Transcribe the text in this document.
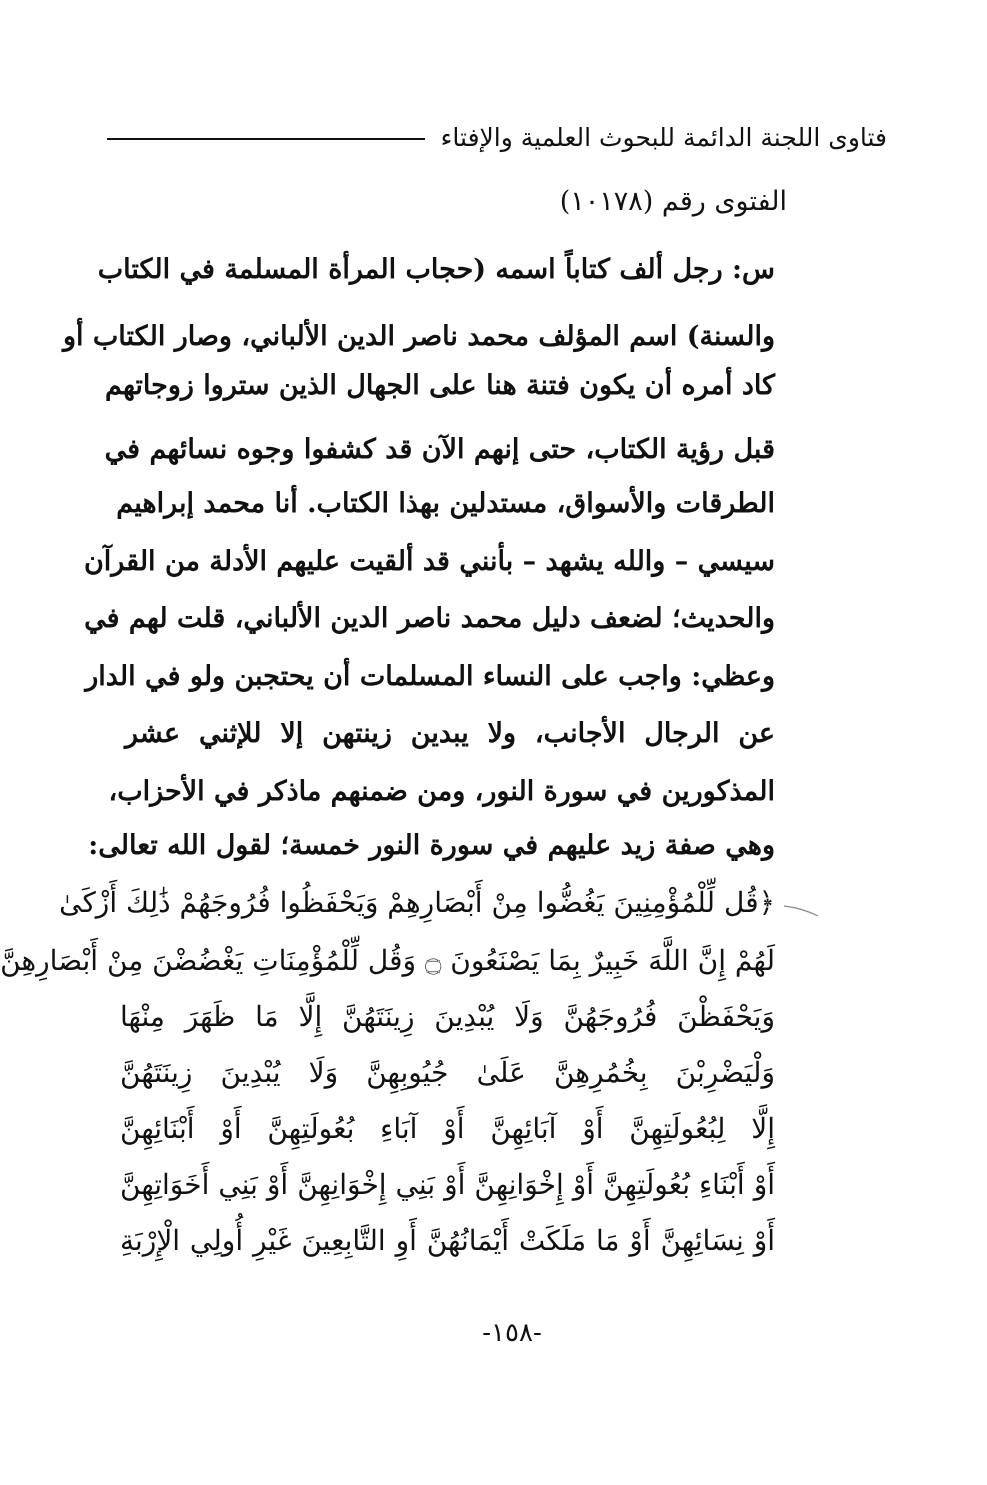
فتاوى اللجنة الدائمة للبحوث العلمية والإفتاء
الفتوى رقم (١٠١٧٨)
س: رجل ألف كتاباً اسمه (حجاب المرأة المسلمة في الكتاب
والسنة) اسم المؤلف محمد ناصر الدين الألباني، وصار الكتاب أو
كاد أمره أن يكون فتنة هنا على الجهال الذين ستروا زوجاتهم
قبل رؤية الكتاب، حتى إنهم الآن قد كشفوا وجوه نسائهم في
الطرقات والأسواق، مستدلين بهذا الكتاب. أنا محمد إبراهيم
سيسي – والله يشهد – بأنني قد ألقيت عليهم الأدلة من القرآن
والحديث؛ لضعف دليل محمد ناصر الدين الألباني، قلت لهم في
وعظي: واجب على النساء المسلمات أن يحتجبن ولو في الدار
عن الرجال الأجانب، ولا يبدين زينتهن إلا للإثني عشر
المذكورين في سورة النور، ومن ضمنهم ماذكر في الأحزاب،
وهي صفة زيد عليهم في سورة النور خمسة؛ لقول الله تعالى:
﴿قُل لِّلْمُؤْمِنِينَ يَغُضُّوا مِنْ أَبْصَارِهِمْ وَيَحْفَظُوا فُرُوجَهُمْ ذَٰلِكَ أَزْكَىٰ
لَهُمْ إِنَّ اللَّهَ خَبِيرٌ بِمَا يَصْنَعُونَ ۝ وَقُل لِّلْمُؤْمِنَاتِ يَغْضُضْنَ مِنْ أَبْصَارِهِنَّ
وَيَحْفَظْنَ فُرُوجَهُنَّ وَلَا يُبْدِينَ زِينَتَهُنَّ إِلَّا مَا ظَهَرَ مِنْهَا
وَلْيَضْرِبْنَ بِخُمُرِهِنَّ عَلَىٰ جُيُوبِهِنَّ وَلَا يُبْدِينَ زِينَتَهُنَّ
إِلَّا لِبُعُولَتِهِنَّ أَوْ آبَائِهِنَّ أَوْ آبَاءِ بُعُولَتِهِنَّ أَوْ أَبْنَائِهِنَّ
أَوْ أَبْنَاءِ بُعُولَتِهِنَّ أَوْ إِخْوَانِهِنَّ أَوْ بَنِي إِخْوَانِهِنَّ أَوْ بَنِي أَخَوَاتِهِنَّ
أَوْ نِسَائِهِنَّ أَوْ مَا مَلَكَتْ أَيْمَانُهُنَّ أَوِ التَّابِعِينَ غَيْرِ أُولِي الْإِرْبَةِ
-١٥٨-
